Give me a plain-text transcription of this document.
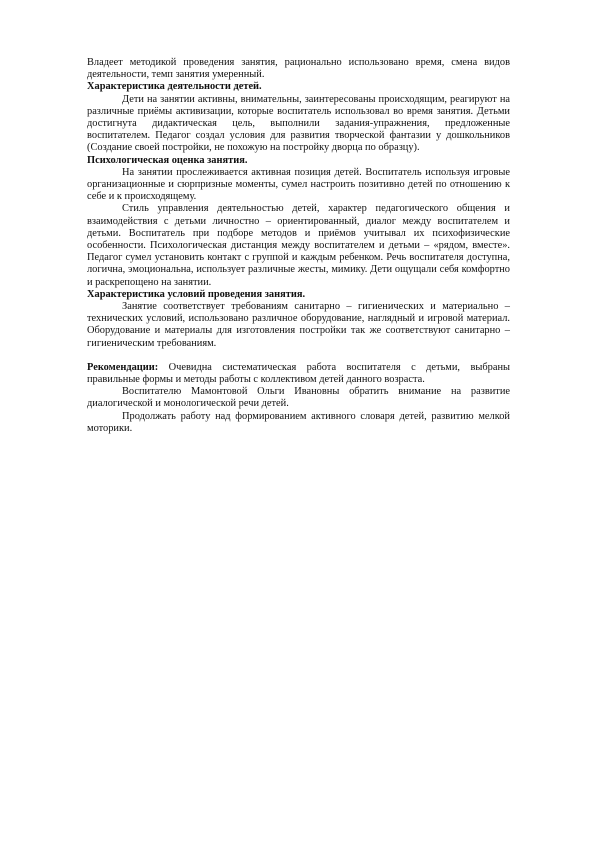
Владеет методикой проведения занятия, рационально использовано время, смена видов деятельности, темп занятия умеренный.

Характеристика деятельности детей.

Дети на занятии активны, внимательны, заинтересованы происходящим, реагируют на различные приёмы активизации, которые воспитатель использовал во время занятия. Детьми достигнута дидактическая цель, выполнили задания-упражнения, предложенные воспитателем. Педагог создал условия для развития творческой фантазии у дошкольников (Создание своей постройки, не похожую на постройку дворца по образцу).

Психологическая оценка занятия.

На занятии прослеживается активная позиция детей. Воспитатель используя игровые организационные и сюрпризные моменты, сумел настроить позитивно детей по отношению к себе и к происходящему.

Стиль управления деятельностью детей, характер педагогического общения и взаимодействия с детьми личностно – ориентированный, диалог между воспитателем и детьми. Воспитатель при подборе методов и приёмов учитывал их психофизические особенности. Психологическая дистанция между воспитателем и детьми – «рядом, вместе». Педагог сумел установить контакт с группой и каждым ребенком. Речь воспитателя доступна, логична, эмоциональна, использует различные жесты, мимику. Дети ощущали себя комфортно и раскрепощено на занятии.

Характеристика условий проведения занятия.

Занятие соответствует требованиям санитарно – гигиенических и материально – технических условий, использовано различное оборудование, наглядный и игровой материал. Оборудование и материалы для изготовления постройки так же соответствуют санитарно – гигиеническим требованиям.

Рекомендации: Очевидна систематическая работа воспитателя с детьми, выбраны правильные формы и методы работы с коллективом детей данного возраста.

Воспитателю Мамонтовой Ольги Ивановны обратить внимание на развитие диалогической и монологической речи детей.

Продолжать работу над формированием активного словаря детей, развитию мелкой моторики.
